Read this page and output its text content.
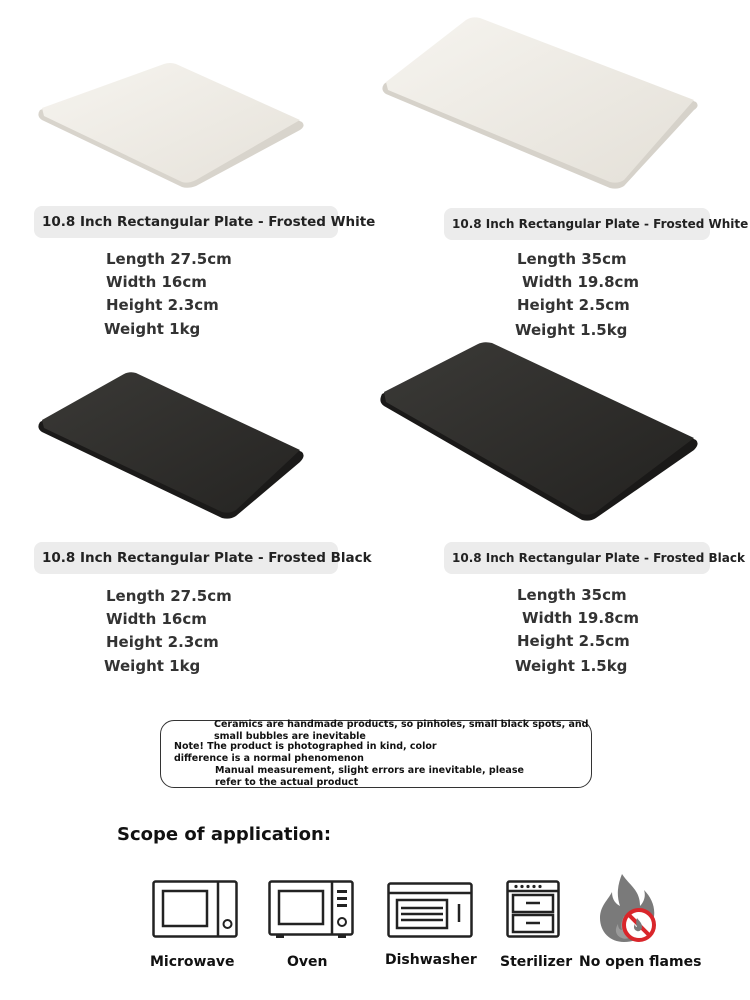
10.8 Inch Rectangular Plate - Frosted White	10.8 Inch Rectangular Plate - Frosted White
10.8 Inch Rectangular Plate - Frosted Black	10.8 Inch Rectangular Plate - Frosted Black
Length 27.5cm
Width 16cm
Height 2.3cm
Weight 1kg
Length 35cm
Width 19.8cm
Height 2.5cm
Weight 1.5kg
Length 27.5cm
Width 16cm
Height 2.3cm
Weight 1kg
Length 35cm
Width 19.8cm
Height 2.5cm
Weight 1.5kg
Ceramics are handmade products, so pinholes, small black spots, and
small bubbles are inevitable
Note! The product is photographed in kind, color
difference is a normal phenomenon
Manual measurement, slight errors are inevitable, please
refer to the actual product
Scope of application:
Microwave	Oven	Dishwasher Sterilizer No open flames
